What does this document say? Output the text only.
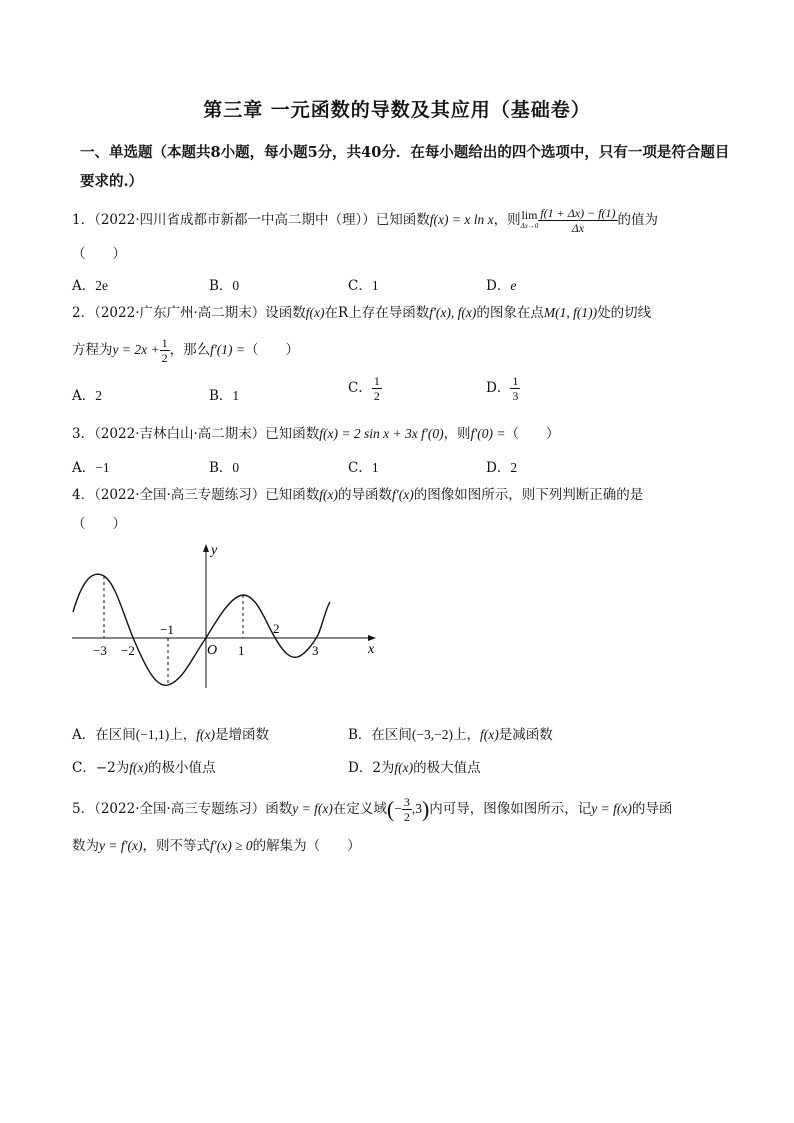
第三章 一元函数的导数及其应用（基础卷）
一、单选题（本题共8小题，每小题5分，共40分．在每小题给出的四个选项中，只有一项是符合题目要求的.）
1．（2022·四川省成都市新都一中高二期中（理））已知函数f(x) = x ln x，则lim
$\Delta x\to 0 \frac{f(1 + \Delta x) - f(1)}{\Delta x}$ 的值为
（　　）
A．2e	B．0	C．1	D．e
2．（2022·广东广州·高二期末）设函数f(x)在R上存在导函数f′(x), f(x)的图象在点M(1, f(1))处的切线
方程为$y = 2x + \frac{1}{2}$ ，那么f′(1) =（　　）
A．2	B．1	C． $\frac{1}{2}$	D． $\frac{1}{3}$
3．（2022·吉林白山·高二期末）已知函数f(x) = 2 sin x + 3x f′(0)，则f′(0) =（　　）
A．−1	B．0	C．1	D．2
4．（2022·全国·高三专题练习）已知函数f(x)的导函数f′(x)的图像如图所示，则下列判断正确的是
（　　）
y
x
O
−3 −2
−1
1
2
3
A．在区间(−1,1)上，f(x)是增函数	B．在区间(−3,−2)上，f(x)是减函数
C．−2为f(x)的极小值点	D．2为f(x)的极大值点
5．（2022·全国·高三专题练习）函数y = f(x)在定义域(− $\frac{3}{2} ,3$)内可导，图像如图所示，记y = f(x)的导函
数为y = f′(x)，则不等式f′(x) ≥ 0的解集为（　　）
